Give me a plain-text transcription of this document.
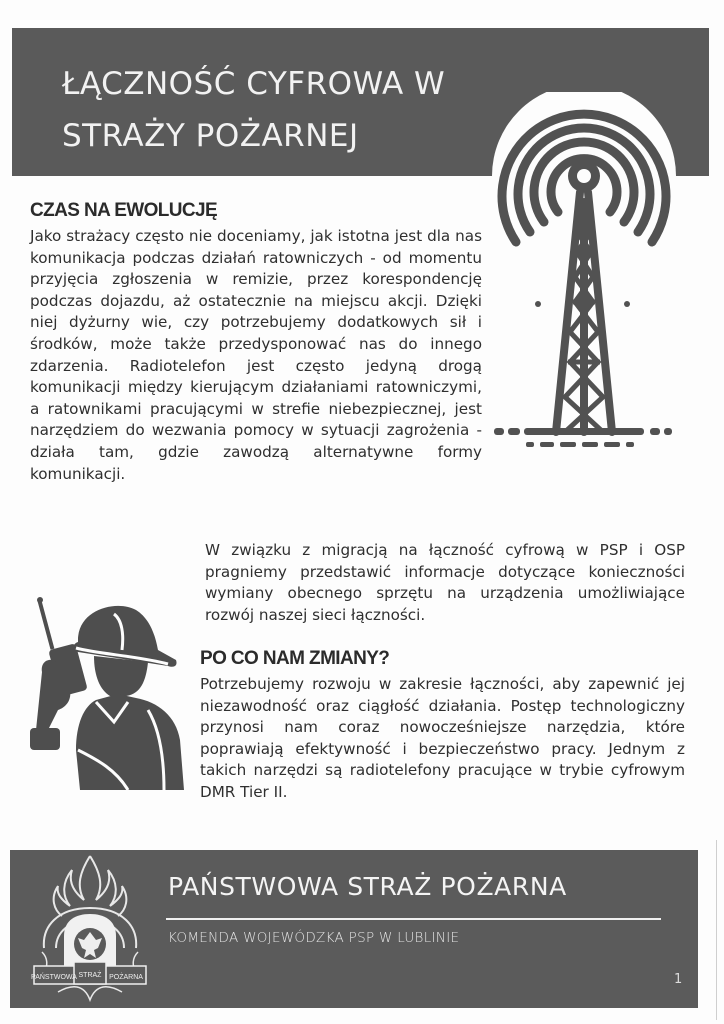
ŁĄCZNOŚĆ CYFROWA W
STRAŻY POŻARNEJ
CZAS NA EWOLUCJĘ

Jako strażacy często nie doceniamy, jak istotna jest dla nas komunikacja podczas działań ratowniczych - od momentu przyjęcia zgłoszenia w remizie, przez korespondencję podczas dojazdu, aż ostatecznie na miejscu akcji. Dzięki niej dyżurny wie, czy potrzebujemy dodatkowych sił i środków, może także przedysponować nas do innego zdarzenia. Radiotelefon jest często jedyną drogą komunikacji między kierującym działaniami ratowniczymi, a ratownikami pracującymi w strefie niebezpiecznej, jest narzędziem do wezwania pomocy w sytuacji zagrożenia - działa tam, gdzie zawodzą alternatywne formy komunikacji.

W związku z migracją na łączność cyfrową w PSP i OSP pragniemy przedstawić informacje dotyczące konieczności wymiany obecnego sprzętu na urządzenia umożliwiające rozwój naszej sieci łączności.

PO CO NAM ZMIANY?

Potrzebujemy rozwoju w zakresie łączności, aby zapewnić jej niezawodność oraz ciągłość działania. Postęp technologiczny przynosi nam coraz nowocześniejsze narzędzia, które poprawiają efektywność i bezpieczeństwo pracy. Jednym z takich narzędzi są radiotelefony pracujące w trybie cyfrowym DMR Tier II.

PAŃSTWOWA STRAŻ POŻARNA
PAŃSTWOWA STRAŻ POŻARNA
KOMENDA WOJEWÓDZKA PSP W LUBLINIE
1
